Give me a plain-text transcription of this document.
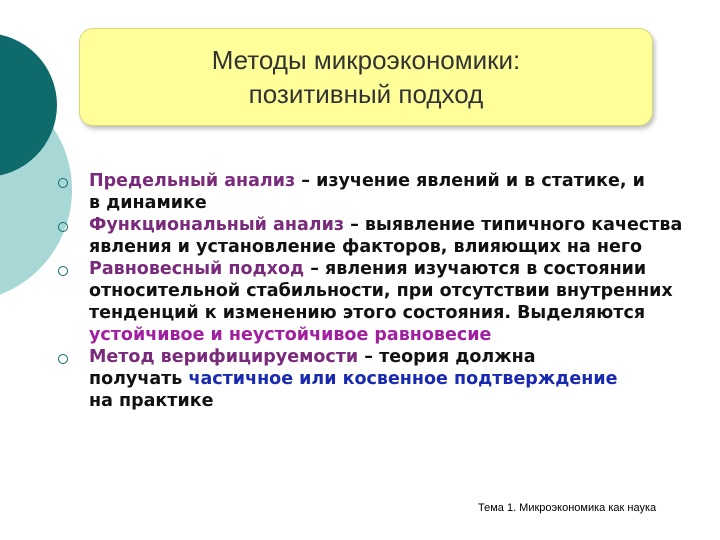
Методы микроэкономики:
позитивный подход
Предельный анализ – изучение явлений и в статике, и в динамике
Функциональный анализ – выявление типичного качества явления и установление факторов, влияющих на него
Равновесный подход – явления изучаются в состоянии относительной стабильности, при отсутствии внутренних тенденций к изменению этого состояния. Выделяются устойчивое и неустойчивое равновесие
Метод верифицируемости – теория должна получать частичное или косвенное подтверждение на практике
Тема 1. Микроэкономика как наука
